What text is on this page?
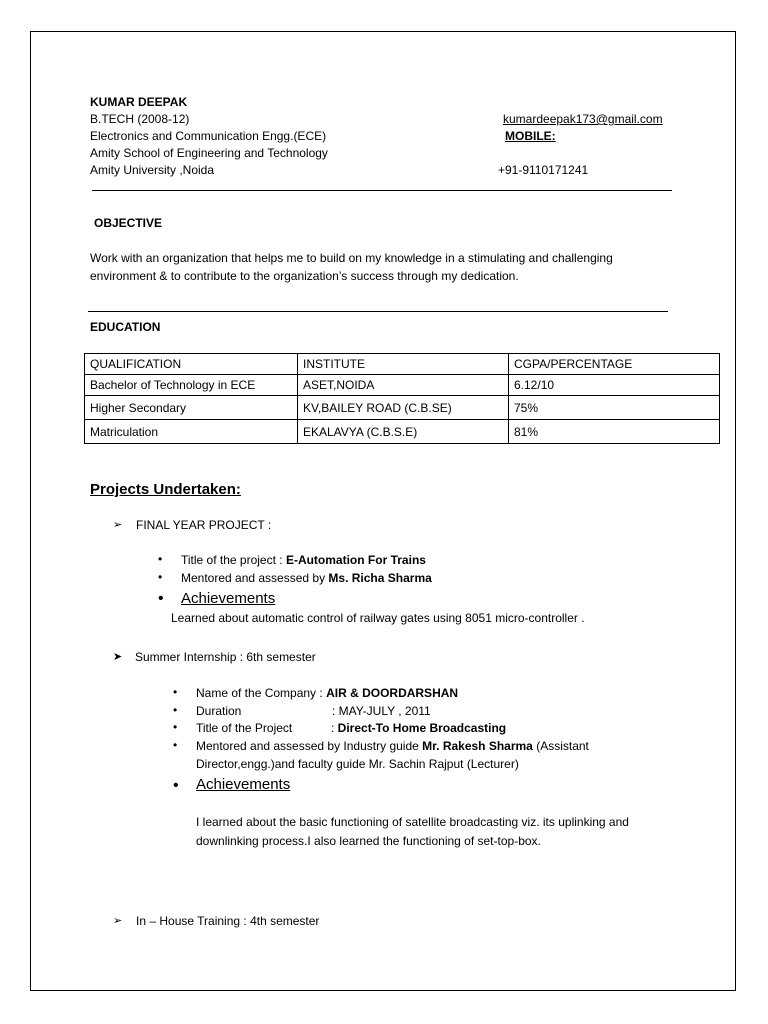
KUMAR DEEPAK
B.TECH (2008-12)
Electronics and Communication Engg.(ECE)
Amity School of Engineering and Technology
Amity University ,Noida
kumardeepak173@gmail.com
MOBILE:
+91-9110171241
OBJECTIVE
Work with an organization that helps me to build on my knowledge in a stimulating and challenging
environment & to contribute to the organization’s success through my dedication.
EDUCATION
QUALIFICATION	INSTITUTE	CGPA/PERCENTAGE
Bachelor of Technology in ECE	ASET,NOIDA	6.12/10
Higher Secondary	KV,BAILEY ROAD (C.B.SE)	75%
Matriculation	EKALAVYA (C.B.S.E)	81%
Projects Undertaken:
➢ FINAL YEAR PROJECT :
• Title of the project : E-Automation For Trains
• Mentored and assessed by Ms. Richa Sharma
• Achievements
Learned about automatic control of railway gates using 8051 micro-controller .
➤ Summer Internship : 6th semester
• Name of the Company : AIR & DOORDARSHAN
• Duration	: MAY-JULY , 2011
• Title of the Project	: Direct-To Home Broadcasting
• Mentored and assessed by Industry guide Mr. Rakesh Sharma (Assistant
Director,engg.)and faculty guide Mr. Sachin Rajput (Lecturer)
• Achievements
I learned about the basic functioning of satellite broadcasting viz. its uplinking and
downlinking process.I also learned the functioning of set-top-box.
➢ In – House Training : 4th semester
